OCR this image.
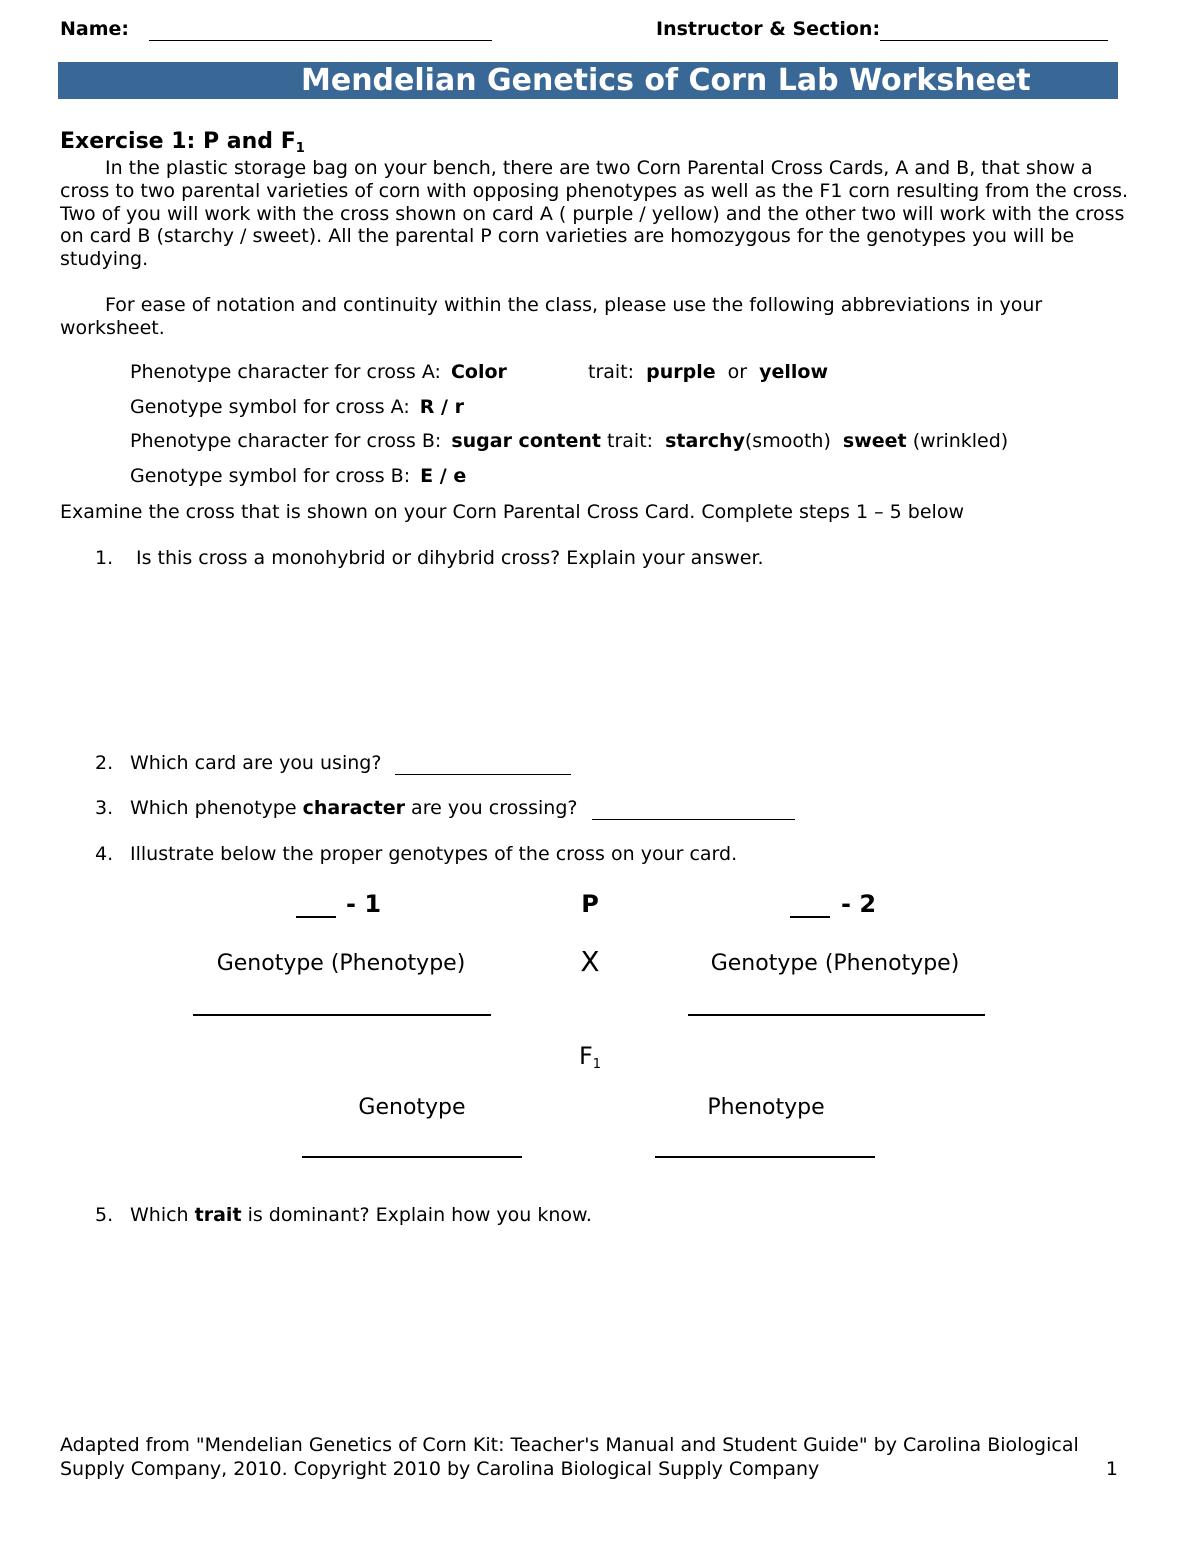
Name:	Instructor & Section:
Mendelian Genetics of Corn Lab Worksheet
Exercise 1: P and $F_1$
In the plastic storage bag on your bench, there are two Corn Parental Cross Cards, A and B, that show a cross to two parental varieties of corn with opposing phenotypes as well as the F1 corn resulting from the cross. Two of you will work with the cross shown on card A ( purple / yellow) and the other two will work with the cross on card B (starchy / sweet). All the parental P corn varieties are homozygous for the genotypes you will be studying.
For ease of notation and continuity within the class, please use the following abbreviations in your worksheet.
Phenotype character for cross A: Color	trait: purple or yellow
Genotype symbol for cross A: R / r
Phenotype character for cross B: sugar content trait: starchy(smooth) sweet (wrinkled)
Genotype symbol for cross B: E / e
Examine the cross that is shown on your Corn Parental Cross Card. Complete steps 1 – 5 below
1. Is this cross a monohybrid or dihybrid cross? Explain your answer.
2. Which card are you using?
3. Which phenotype character are you crossing?
4. Illustrate below the proper genotypes of the cross on your card.
- 1	P	- 2
Genotype (Phenotype)	X	Genotype (Phenotype)
$F_1$
Genotype	Phenotype
5. Which trait is dominant? Explain how you know.
Adapted from "Mendelian Genetics of Corn Kit: Teacher's Manual and Student Guide" by Carolina Biological
Supply Company, 2010. Copyright 2010 by Carolina Biological Supply Company	1
